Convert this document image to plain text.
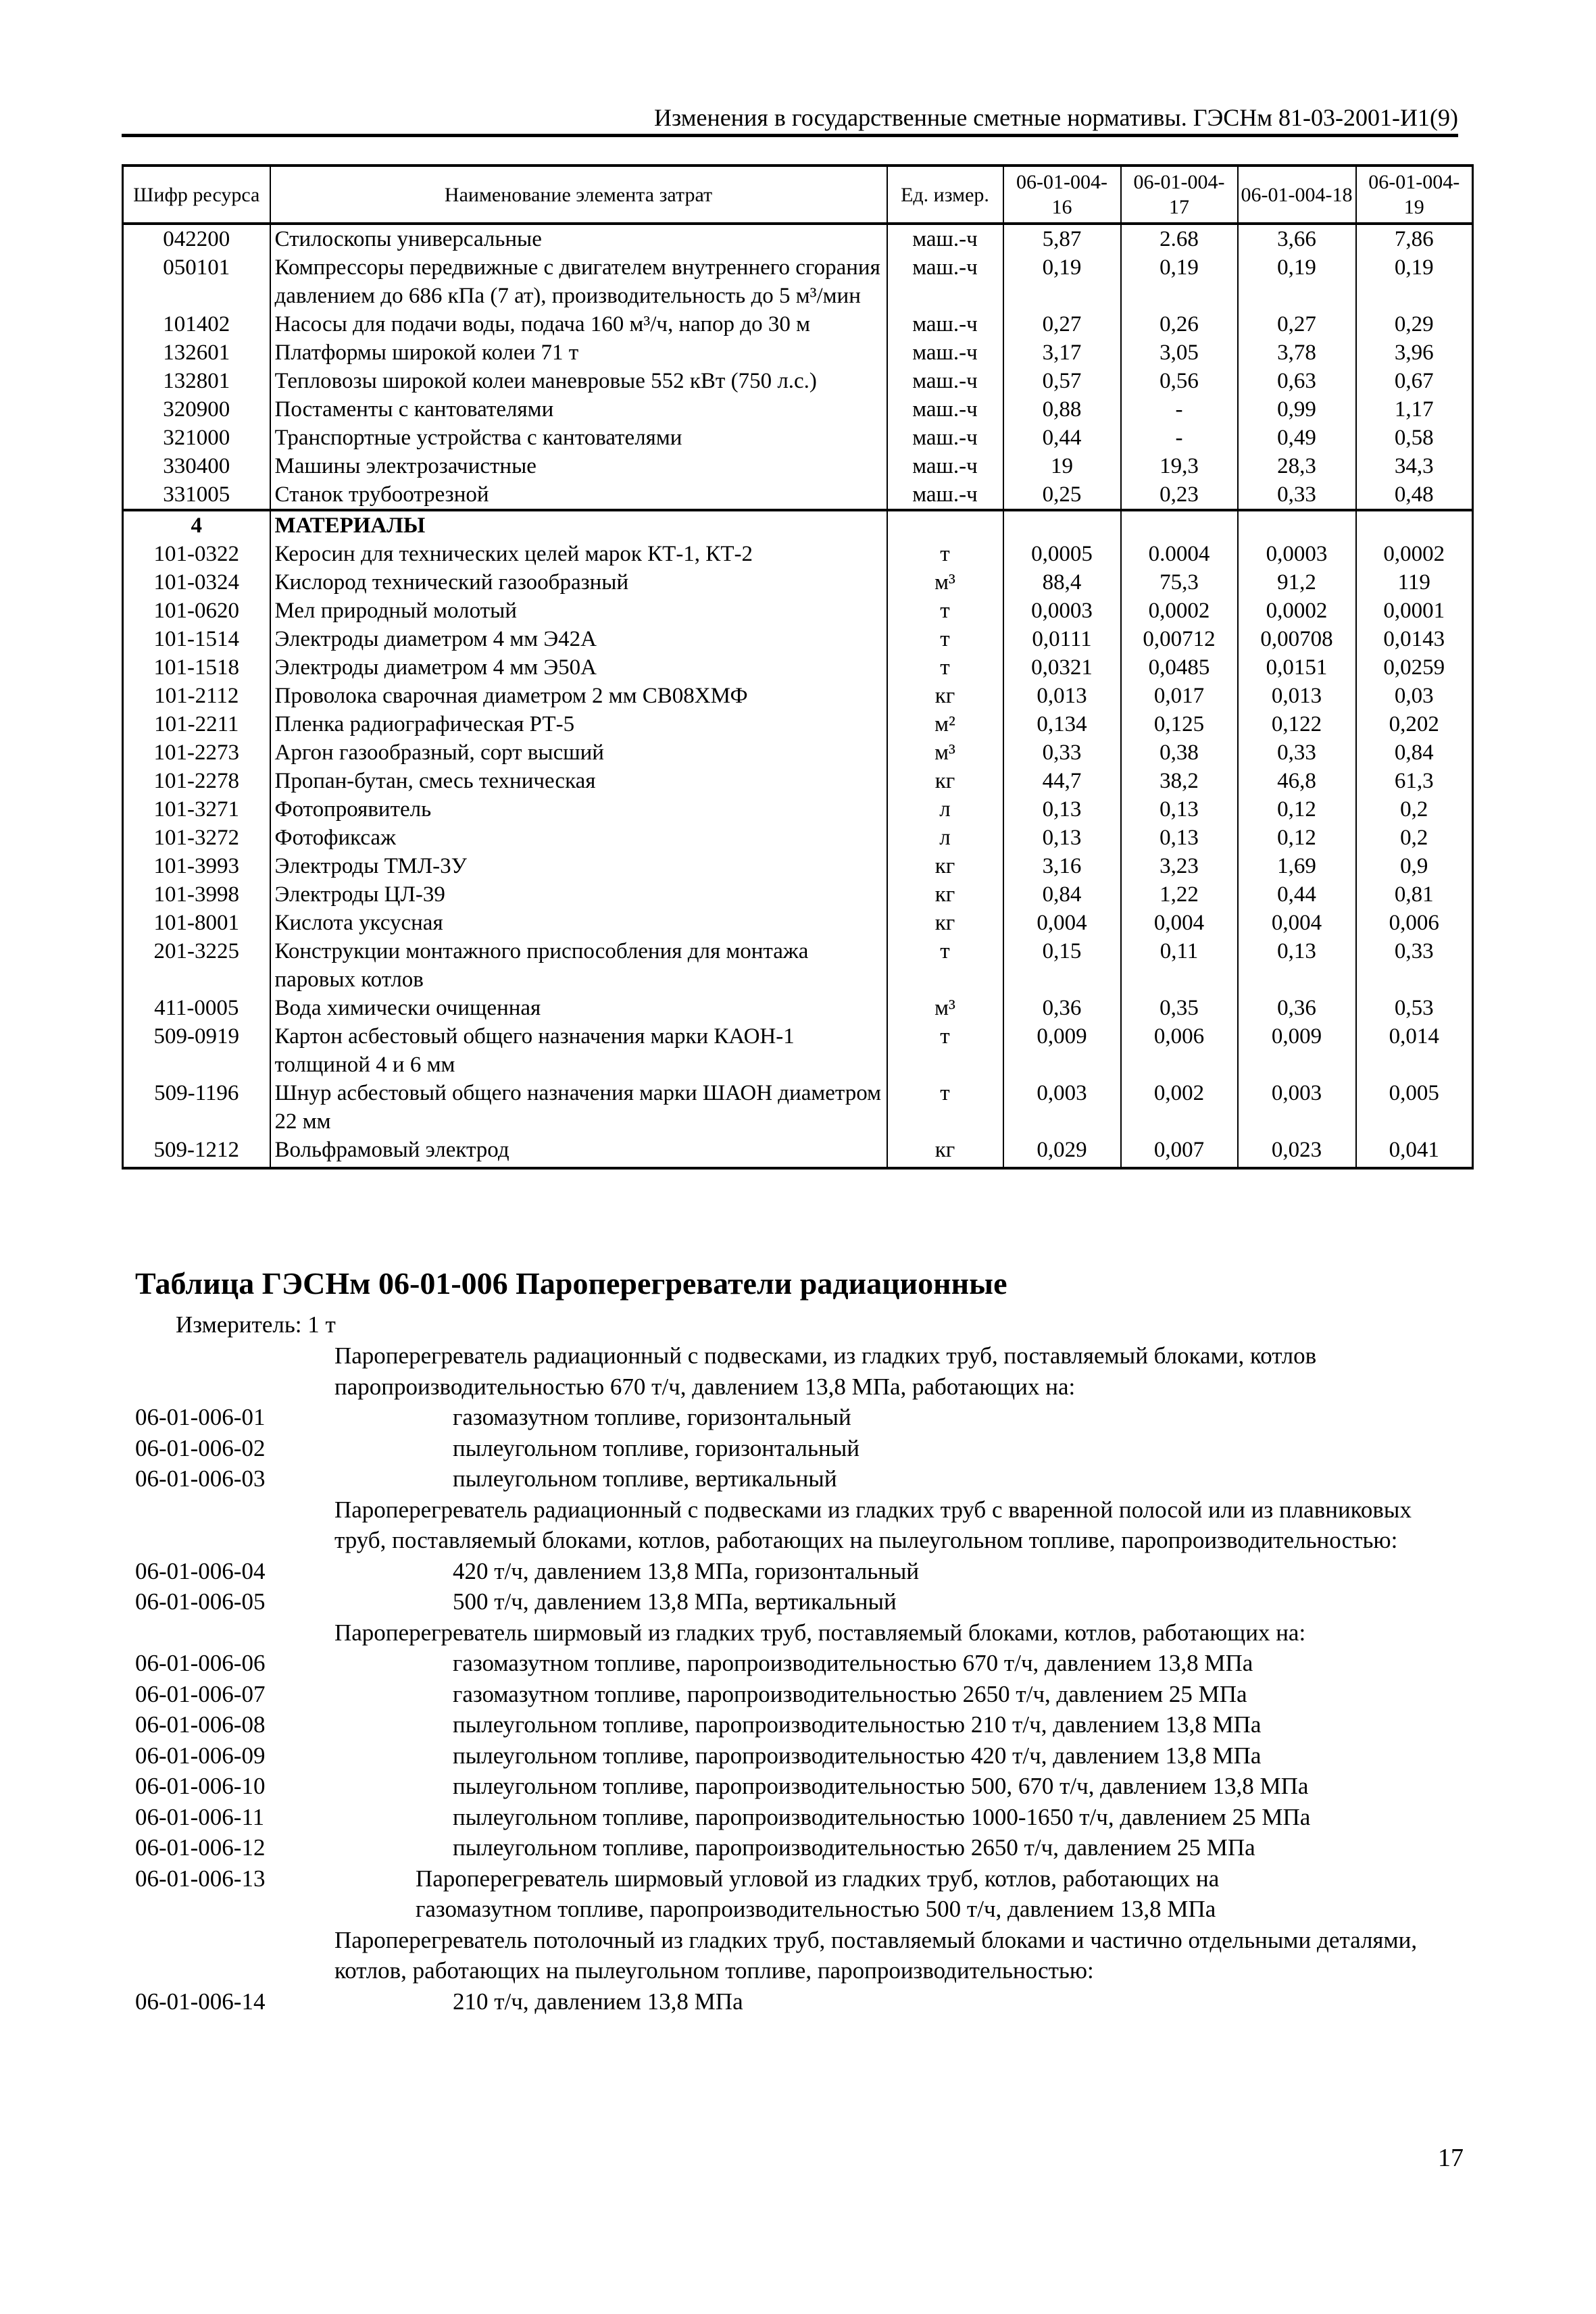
Изменения в государственные сметные нормативы. ГЭСНм 81-03-2001-И1(9)
Шифр ресурса	Наименование элемента затрат	Ед. измер.	06-01-004-16	06-01-004-17	06-01-004-18	06-01-004-19
042200	Стилоскопы универсальные	маш.-ч	5,87	2.68	3,66	7,86
050101	Компрессоры передвижные с двигателем внутреннего сгорания давлением до 686 кПа (7 ат), производительность до 5 м³/мин	маш.-ч	0,19	0,19	0,19	0,19
101402	Насосы для подачи воды, подача 160 м³/ч, напор до 30 м	маш.-ч	0,27	0,26	0,27	0,29
132601	Платформы широкой колеи 71 т	маш.-ч	3,17	3,05	3,78	3,96
132801	Тепловозы широкой колеи маневровые 552 кВт (750 л.с.)	маш.-ч	0,57	0,56	0,63	0,67
320900	Постаменты с кантователями	маш.-ч	0,88	-	0,99	1,17
321000	Транспортные устройства с кантователями	маш.-ч	0,44	-	0,49	0,58
330400	Машины электрозачистные	маш.-ч	19	19,3	28,3	34,3
331005	Станок трубоотрезной	маш.-ч	0,25	0,23	0,33	0,48
4	МАТЕРИАЛЫ					
101-0322	Керосин для технических целей марок КТ-1, КТ-2	т	0,0005	0.0004	0,0003	0,0002
101-0324	Кислород технический газообразный	м³	88,4	75,3	91,2	119
101-0620	Мел природный молотый	т	0,0003	0,0002	0,0002	0,0001
101-1514	Электроды диаметром 4 мм Э42А	т	0,0111	0,00712	0,00708	0,0143
101-1518	Электроды диаметром 4 мм Э50А	т	0,0321	0,0485	0,0151	0,0259
101-2112	Проволока сварочная диаметром 2 мм СВ08ХМФ	кг	0,013	0,017	0,013	0,03
101-2211	Пленка радиографическая РТ-5	м²	0,134	0,125	0,122	0,202
101-2273	Аргон газообразный, сорт высший	м³	0,33	0,38	0,33	0,84
101-2278	Пропан-бутан, смесь техническая	кг	44,7	38,2	46,8	61,3
101-3271	Фотопроявитель	л	0,13	0,13	0,12	0,2
101-3272	Фотофиксаж	л	0,13	0,13	0,12	0,2
101-3993	Электроды ТМЛ-3У	кг	3,16	3,23	1,69	0,9
101-3998	Электроды ЦЛ-39	кг	0,84	1,22	0,44	0,81
101-8001	Кислота уксусная	кг	0,004	0,004	0,004	0,006
201-3225	Конструкции монтажного приспособления для монтажа паровых котлов	т	0,15	0,11	0,13	0,33
411-0005	Вода химически очищенная	м³	0,36	0,35	0,36	0,53
509-0919	Картон асбестовый общего назначения марки КАОН-1 толщиной 4 и 6 мм	т	0,009	0,006	0,009	0,014
509-1196	Шнур асбестовый общего назначения марки ШАОН диаметром 22 мм	т	0,003	0,002	0,003	0,005
509-1212	Вольфрамовый электрод	кг	0,029	0,007	0,023	0,041
Таблица ГЭСНм 06-01-006 Пароперегреватели радиационные
Измеритель: 1 т
Пароперегреватель радиационный с подвесками, из гладких труб, поставляемый блоками, котлов паропроизводительностью 670 т/ч, давлением 13,8 МПа, работающих на:
06-01-006-01	газомазутном топливе, горизонтальный
06-01-006-02	пылеугольном топливе, горизонтальный
06-01-006-03	пылеугольном топливе, вертикальный
Пароперегреватель радиационный с подвесками из гладких труб с вваренной полосой или из плавниковых труб, поставляемый блоками, котлов, работающих на пылеугольном топливе, паропроизводительностью:
06-01-006-04	420 т/ч, давлением 13,8 МПа, горизонтальный
06-01-006-05	500 т/ч, давлением 13,8 МПа, вертикальный
Пароперегреватель ширмовый из гладких труб, поставляемый блоками, котлов, работающих на:
06-01-006-06	газомазутном топливе, паропроизводительностью 670 т/ч, давлением 13,8 МПа
06-01-006-07	газомазутном топливе, паропроизводительностью 2650 т/ч, давлением 25 МПа
06-01-006-08	пылеугольном топливе, паропроизводительностью 210 т/ч, давлением 13,8 МПа
06-01-006-09	пылеугольном топливе, паропроизводительностью 420 т/ч, давлением 13,8 МПа
06-01-006-10	пылеугольном топливе, паропроизводительностью 500, 670 т/ч, давлением 13,8 МПа
06-01-006-11	пылеугольном топливе, паропроизводительностью 1000-1650 т/ч, давлением 25 МПа
06-01-006-12	пылеугольном топливе, паропроизводительностью 2650 т/ч, давлением 25 МПа
06-01-006-13	Пароперегреватель ширмовый угловой из гладких труб, котлов, работающих на
газомазутном топливе, паропроизводительностью 500 т/ч, давлением 13,8 МПа
Пароперегреватель потолочный из гладких труб, поставляемый блоками и частично отдельными деталями, котлов, работающих на пылеугольном топливе, паропроизводительностью:
06-01-006-14	210 т/ч, давлением 13,8 МПа
17
